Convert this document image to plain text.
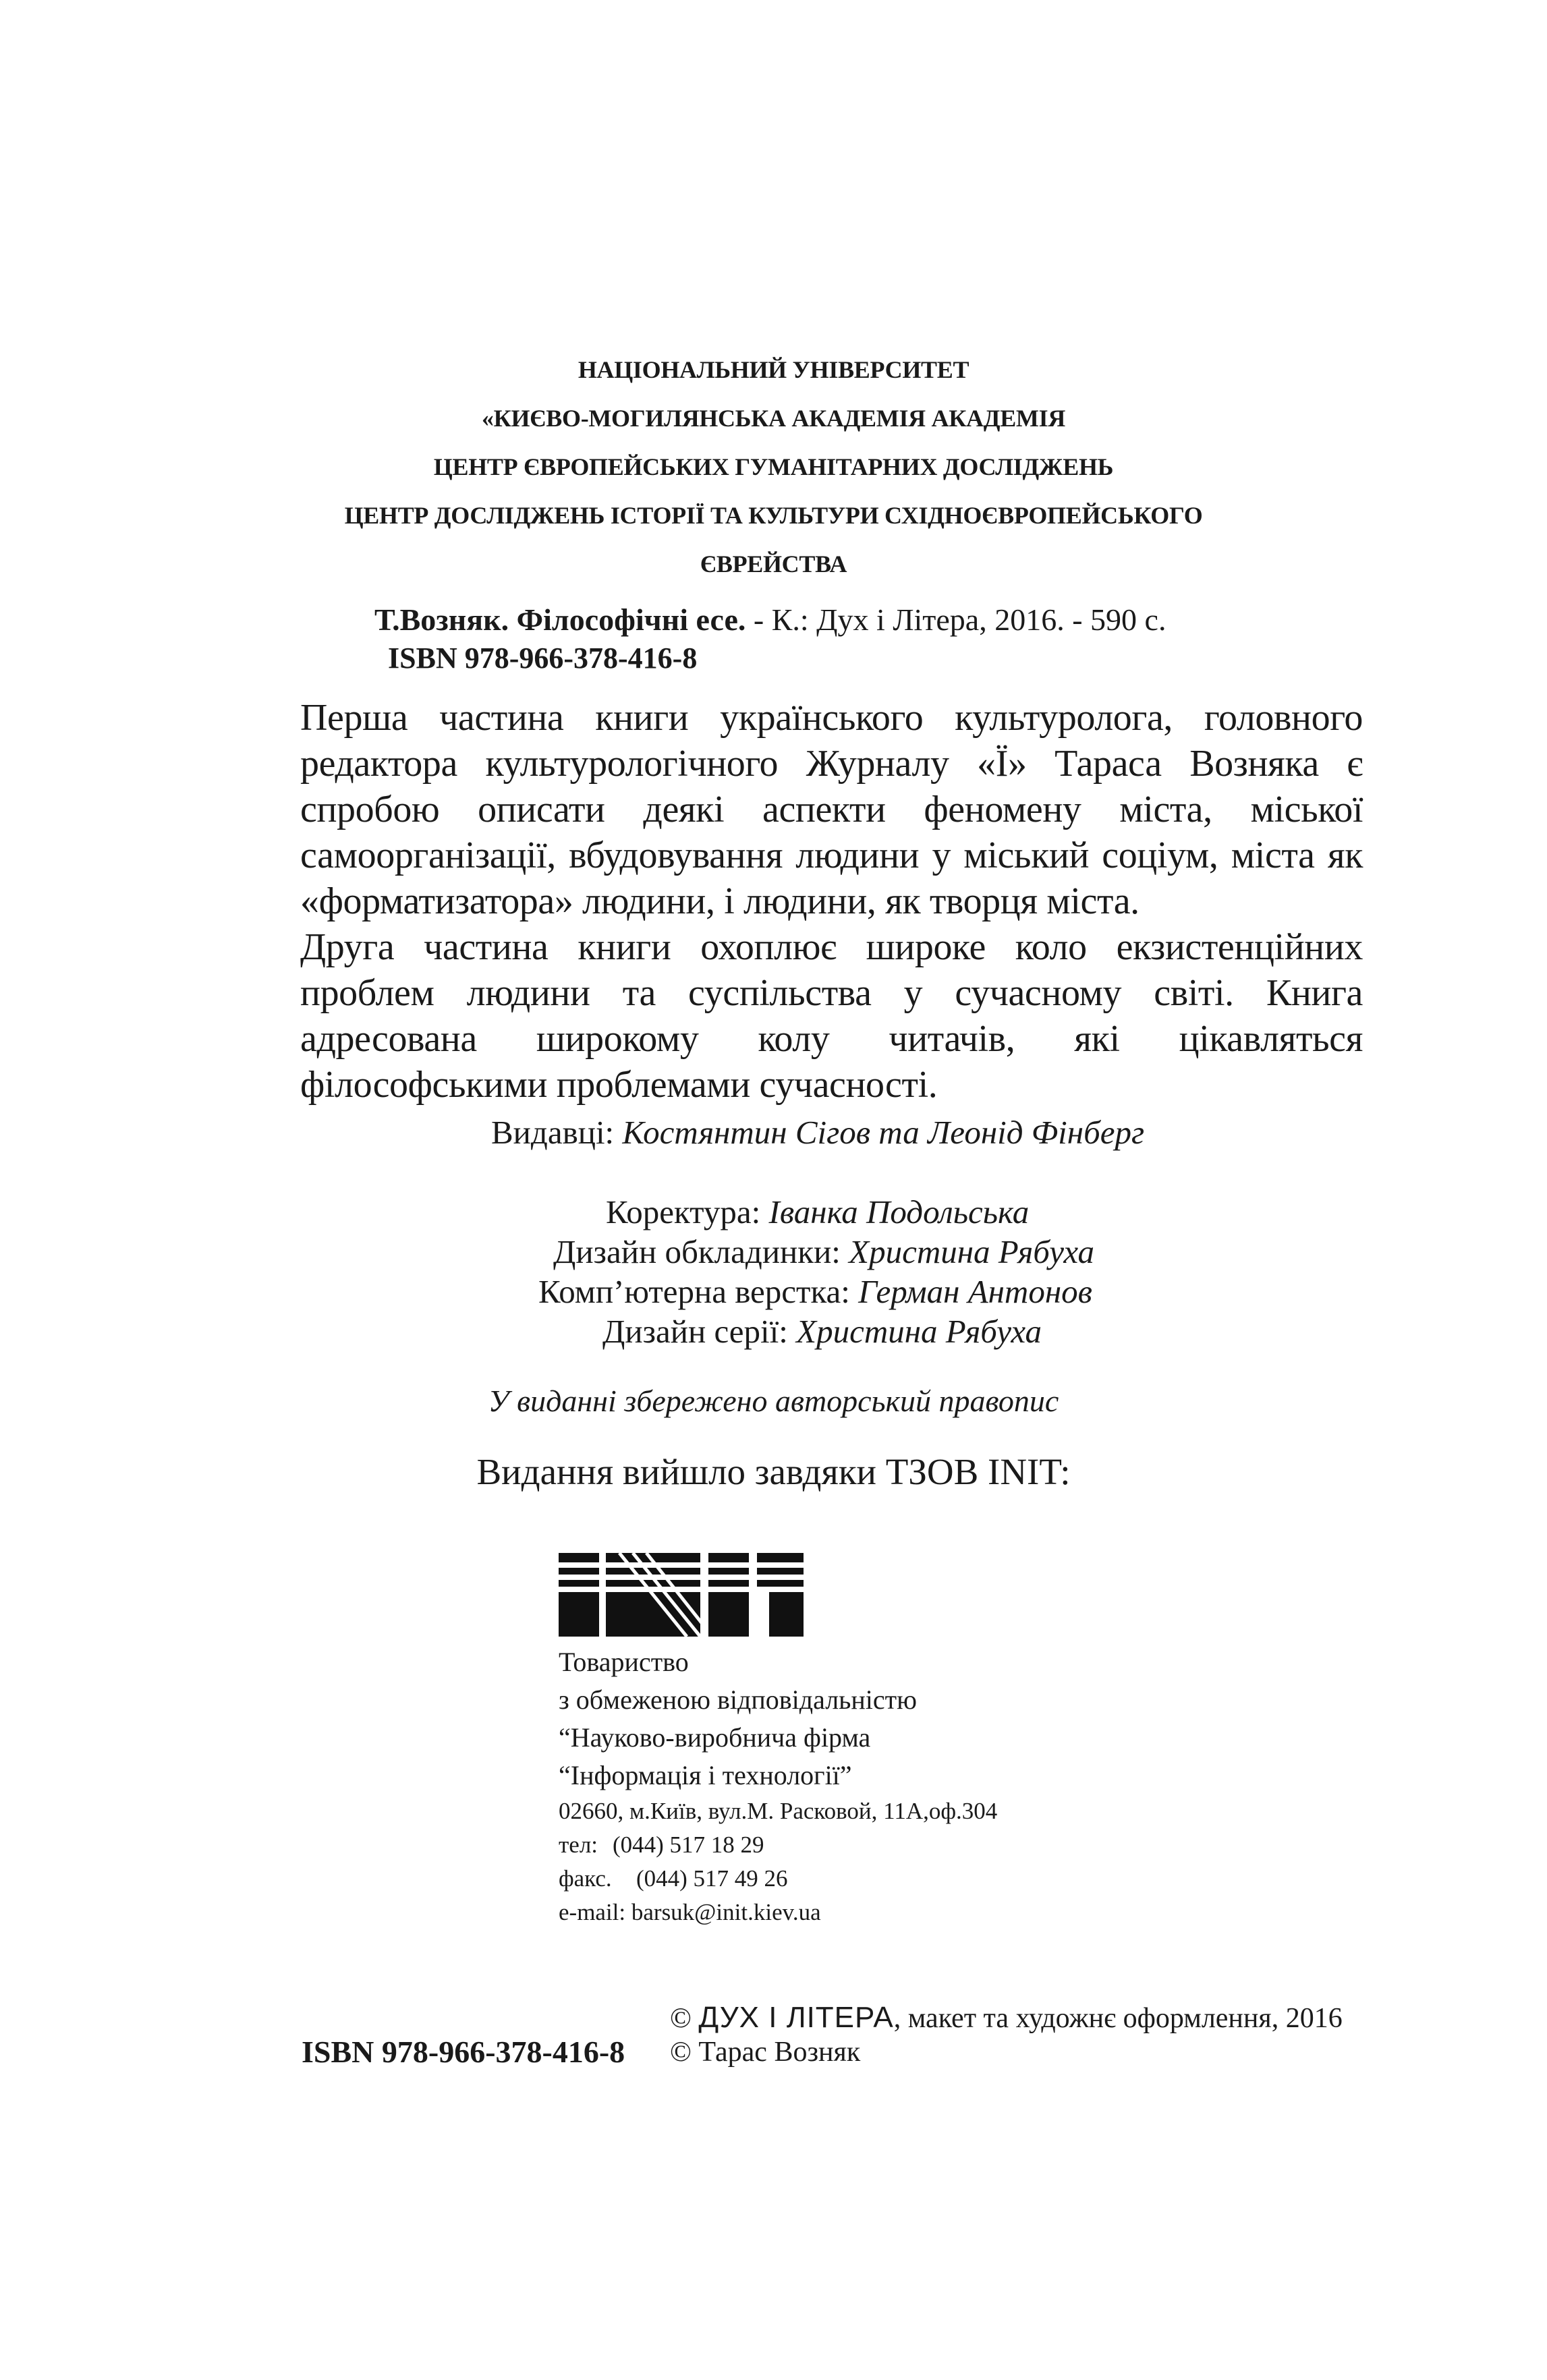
НАЦІОНАЛЬНИЙ УНІВЕРСИТЕТ
«КИЄВО-МОГИЛЯНСЬКА АКАДЕМІЯ АКАДЕМІЯ
ЦЕНТР ЄВРОПЕЙСЬКИХ ГУМАНІТАРНИХ ДОСЛІДЖЕНЬ
ЦЕНТР ДОСЛІДЖЕНЬ ІСТОРІЇ ТА КУЛЬТУРИ СХІДНОЄВРОПЕЙСЬКОГО
ЄВРЕЙСТВА
Т.Возняк. Філософічні есе. - К.: Дух і Літера, 2016. - 590 с.
ISBN 978-966-378-416-8
Перша частина книги українського культуролога, головного редактора культурологічного Журналу «Ї» Тараса Возняка є спробою описати деякі аспекти феномену міста, міської самоорганізації, вбудовування людини у міський соціум, міста як «форматизатора» людини, і людини, як творця міста.
Друга частина книги охоплює широке коло екзистенційних проблем людини та суспільства у сучасному світі. Книга адресована широкому колу читачів, які цікавляться філософськими проблемами сучасності.
Видавці: Костянтин Сігов та Леонід Фінберг
Коректура: Іванка Подольська
Дизайн обкладинки: Христина Рябуха
Комп’ютерна верстка: Герман Антонов
Дизайн серії: Христина Рябуха
У виданні збережено авторський правопис
Видання вийшло завдяки ТЗОВ INIT:
Товариство
з обмеженою відповідальністю
“Науково-виробнича фірма
“Інформація і технології”
02660, м.Київ, вул.М. Расковой, 11А,оф.304
тел: (044) 517 18 29
факс. (044) 517 49 26
e-mail: barsuk@init.kiev.ua
© ДУХ І ЛІТЕРА, макет та художнє оформлення, 2016
ISBN 978-966-378-416-8 © Тарас Возняк
